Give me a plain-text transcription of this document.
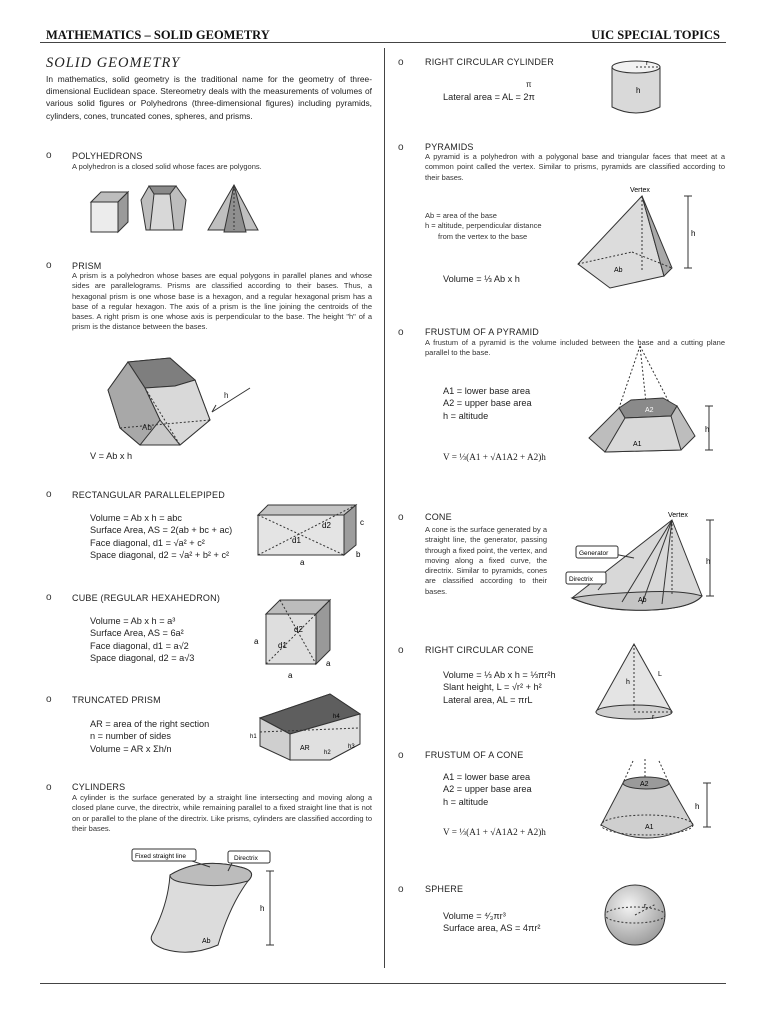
MATHEMATICS – SOLID GEOMETRY	UIC SPECIAL TOPICS
SOLID GEOMETRY
In mathematics, solid geometry is the traditional name for the geometry of three-dimensional Euclidean space. Stereometry deals with the measurements of volumes of various solid figures or Polyhedrons (three-dimensional figures) including pyramids, cylinders, cones, truncated cones, spheres, and prisms.
o POLYHEDRONS
A polyhedron is a closed solid whose faces are polygons.
o PRISM
A prism is a polyhedron whose bases are equal polygons in parallel planes and whose sides are parallelograms. Prisms are classified according to their bases. Thus, a hexagonal prism is one whose base is a hexagon, and a regular hexagonal prism has a base of a regular hexagon. The axis of a prism is the line joining the centroids of the bases. A right prism is one whose axis is perpendicular to the base. The height "h" of a prism is the distance between the bases.
h
Ab
V = Ab x h
o RECTANGULAR PARALLELEPIPED
Volume = Ab x h = abc
Surface Area, AS = 2(ab + bc + ac)
Face diagonal, d1 = √a² + c²
Space diagonal, d2 = √a² + b² + c²
d2
d1
c
b
a
o CUBE (REGULAR HEXAHEDRON)
Volume = Ab x h = a³
Surface Area, AS = 6a²
Face diagonal, d1 = a√2
Space diagonal, d2 = a√3
d2
d1
a
a
a
o TRUNCATED PRISM
AR = area of the right section
n = number of sides
Volume = AR x Σh/n
h1
h4
h3
h2
AR
o CYLINDERS
A cylinder is the surface generated by a straight line intersecting and moving along a closed plane curve, the directrix, while remaining parallel to a fixed straight line that is not on or parallel to the plane of the directrix. Like prisms, cylinders are classified according to their bases.
Fixed straight line	Directrix
h
Ab
o RIGHT CIRCULAR CYLINDER
π
Lateral area = AL = 2π
r
h
o PYRAMIDS
A pyramid is a polyhedron with a polygonal base and triangular faces that meet at a common point called the vertex. Similar to prisms, pyramids are classified according to their bases.
Ab = area of the base
h = altitude, perpendicular distance
from the vertex to the base
Volume = ⅓ Ab x h
Vertex
h
Ab
o FRUSTUM OF A PYRAMID
A frustum of a pyramid is the volume included between the base and a cutting plane parallel to the base.
A1 = lower base area
A2 = upper base area
h = altitude
V = ⅓(A1 + √A1A2 + A2)h
A2
A1
h
o CONE
A cone is the surface generated by a straight line, the generator, passing through a fixed point, the vertex, and moving along a fixed curve, the directrix. Similar to pyramids, cones are classified according to their bases.
Vertex
Generator
Directrix
h
Ab
o RIGHT CIRCULAR CONE
Volume = ⅓ Ab x h = ⅓πr²h
Slant height, L = √r² + h²
Lateral area, AL = πrL
h
L
r
o FRUSTUM OF A CONE
A1 = lower base area
A2 = upper base area
h = altitude
V = ⅓(A1 + √A1A2 + A2)h
A2
A1
h
o SPHERE
Volume = ⁴⁄₃πr³
Surface area, AS = 4πr²
r
